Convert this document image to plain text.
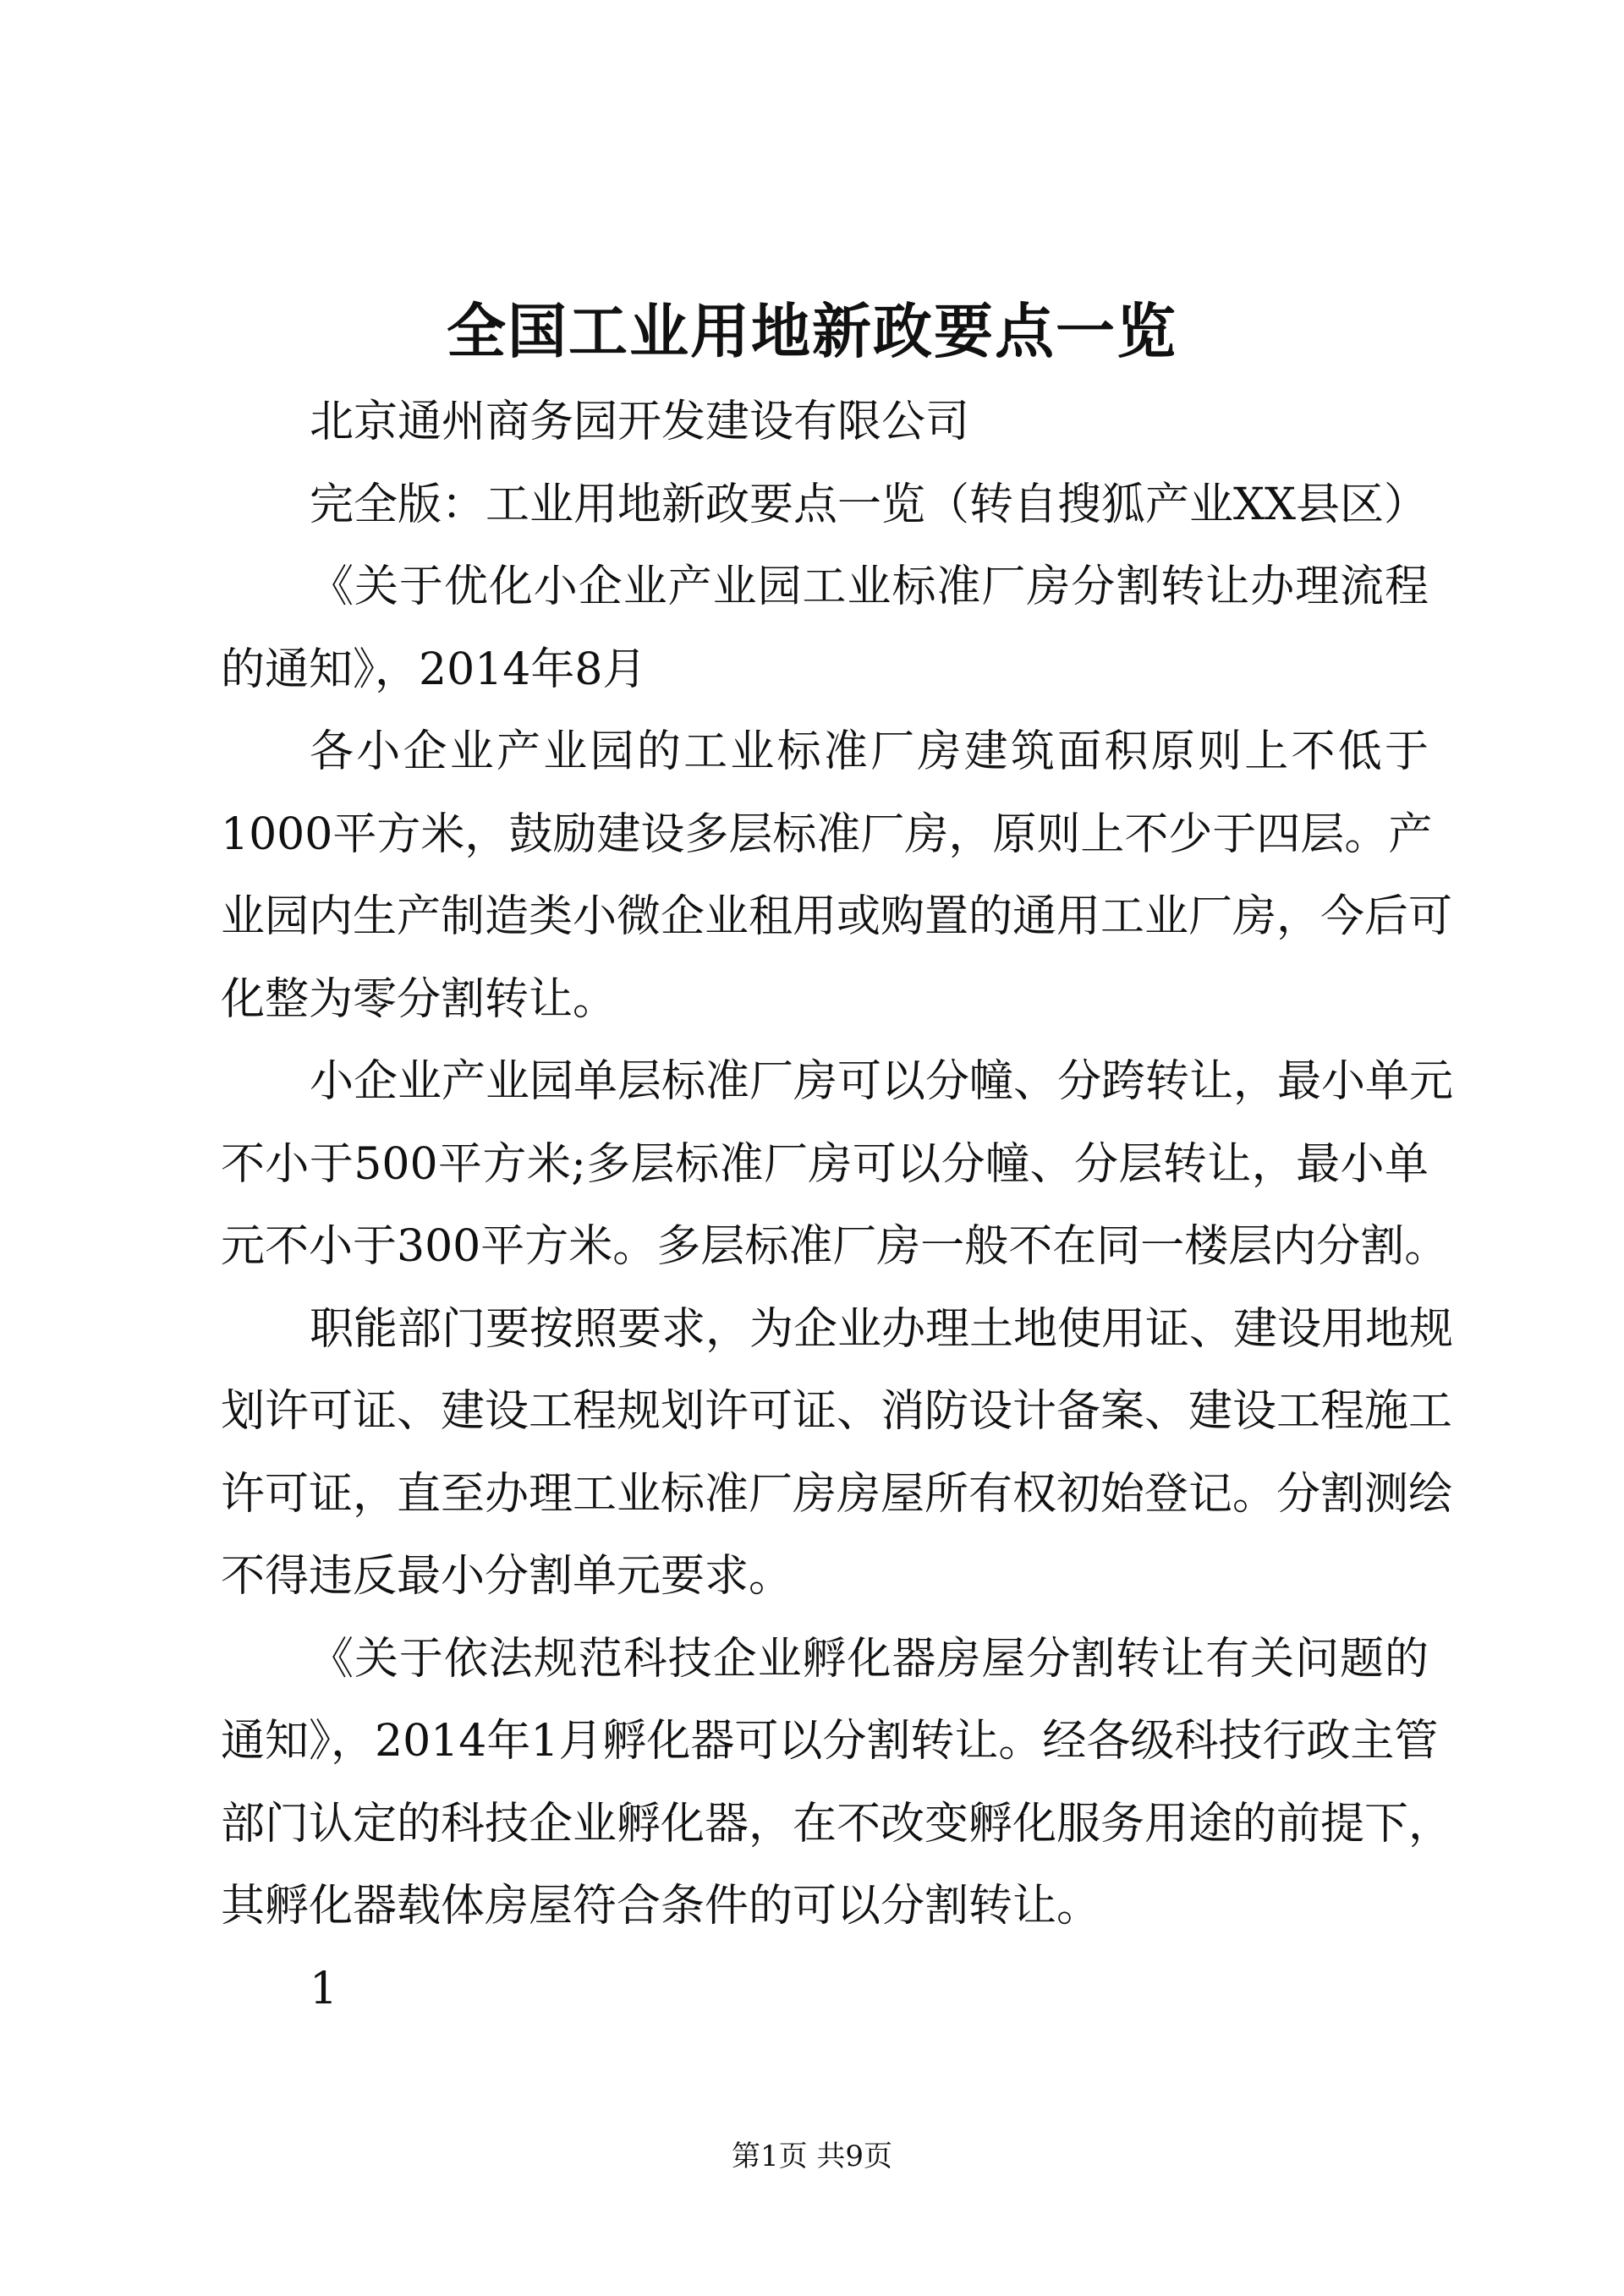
全国工业用地新政要点一览
北京通州商务园开发建设有限公司
完全版：工业用地新政要点一览（转自搜狐产业XX县区）
《关于优化小企业产业园工业标准厂房分割转让办理流程
的通知》，2014年8月
各小企业产业园的工业标准厂房建筑面积原则上不低于
1000平方米，鼓励建设多层标准厂房，原则上不少于四层。产
业园内生产制造类小微企业租用或购置的通用工业厂房，今后可
化整为零分割转让。
小企业产业园单层标准厂房可以分幢、分跨转让，最小单元
不小于500平方米;多层标准厂房可以分幢、分层转让，最小单
元不小于300平方米。多层标准厂房一般不在同一楼层内分割。
职能部门要按照要求，为企业办理土地使用证、建设用地规
划许可证、建设工程规划许可证、消防设计备案、建设工程施工
许可证，直至办理工业标准厂房房屋所有权初始登记。分割测绘
不得违反最小分割单元要求。
《关于依法规范科技企业孵化器房屋分割转让有关问题的
通知》，2014年1月孵化器可以分割转让。经各级科技行政主管
部门认定的科技企业孵化器，在不改变孵化服务用途的前提下，
其孵化器载体房屋符合条件的可以分割转让。
1
第1页 共9页
